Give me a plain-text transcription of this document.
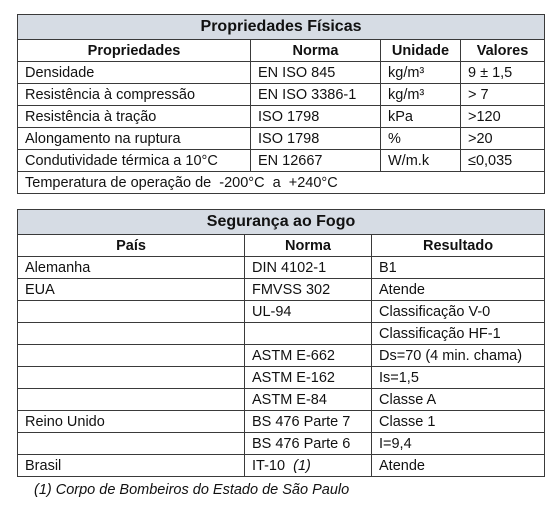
Propriedades Físicas			
Propriedades	Norma	Unidade	Valores
Densidade	EN ISO 845	kg/m³	9 ± 1,5
Resistência à compressão	EN ISO 3386-1	kg/m³	> 7
Resistência à tração	ISO 1798	kPa	>120
Alongamento na ruptura	ISO 1798	%	>20
Condutividade térmica a 10°C	EN 12667	W/m.k	≤0,035
Temperatura de operação de  -200°C  a  +240°C			
Segurança ao Fogo		
País	Norma	Resultado
Alemanha	DIN 4102-1	B1
EUA	FMVSS 302	Atende
	UL-94	Classificação V-0
		Classificação HF-1
	ASTM E-662	Ds=70 (4 min. chama)
	ASTM E-162	Is=1,5
	ASTM E-84	Classe A
Reino Unido	BS 476 Parte 7	Classe 1
	BS 476 Parte 6	I=9,4
Brasil	IT-10 (1)	Atende
(1) Corpo de Bombeiros do Estado de São Paulo
